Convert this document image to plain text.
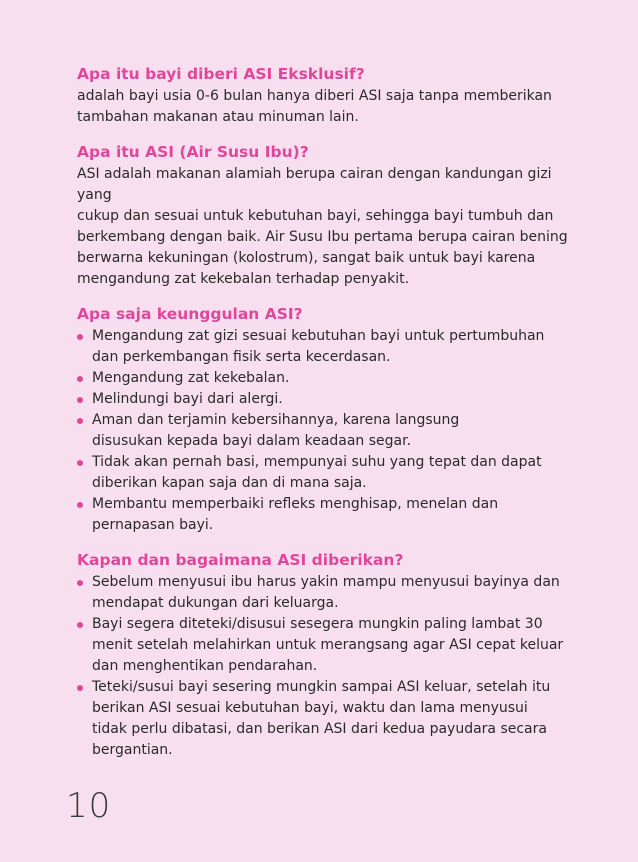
Apa itu bayi diberi ASI Eksklusif?

adalah bayi usia 0-6 bulan hanya diberi ASI saja tanpa memberikan
tambahan makanan atau minuman lain.

Apa itu ASI (Air Susu Ibu)?

ASI adalah makanan alamiah berupa cairan dengan kandungan gizi yang
cukup dan sesuai untuk kebutuhan bayi, sehingga bayi tumbuh dan
berkembang dengan baik. Air Susu Ibu pertama berupa cairan bening
berwarna kekuningan (kolostrum), sangat baik untuk bayi karena
mengandung zat kekebalan terhadap penyakit.

Apa saja keunggulan ASI?
Mengandung zat gizi sesuai kebutuhan bayi untuk pertumbuhan
dan perkembangan fisik serta kecerdasan.
Mengandung zat kekebalan.
Melindungi bayi dari alergi.
Aman dan terjamin kebersihannya, karena langsung
disusukan kepada bayi dalam keadaan segar.
Tidak akan pernah basi, mempunyai suhu yang tepat dan dapat
diberikan kapan saja dan di mana saja.
Membantu memperbaiki refleks menghisap, menelan dan
pernapasan bayi.
Kapan dan bagaimana ASI diberikan?
Sebelum menyusui ibu harus yakin mampu menyusui bayinya dan
mendapat dukungan dari keluarga.
Bayi segera diteteki/disusui sesegera mungkin paling lambat 30
menit setelah melahirkan untuk merangsang agar ASI cepat keluar
dan menghentikan pendarahan.
Teteki/susui bayi sesering mungkin sampai ASI keluar, setelah itu
berikan ASI sesuai kebutuhan bayi, waktu dan lama menyusui
tidak perlu dibatasi, dan berikan ASI dari kedua payudara secara
bergantian.
10
